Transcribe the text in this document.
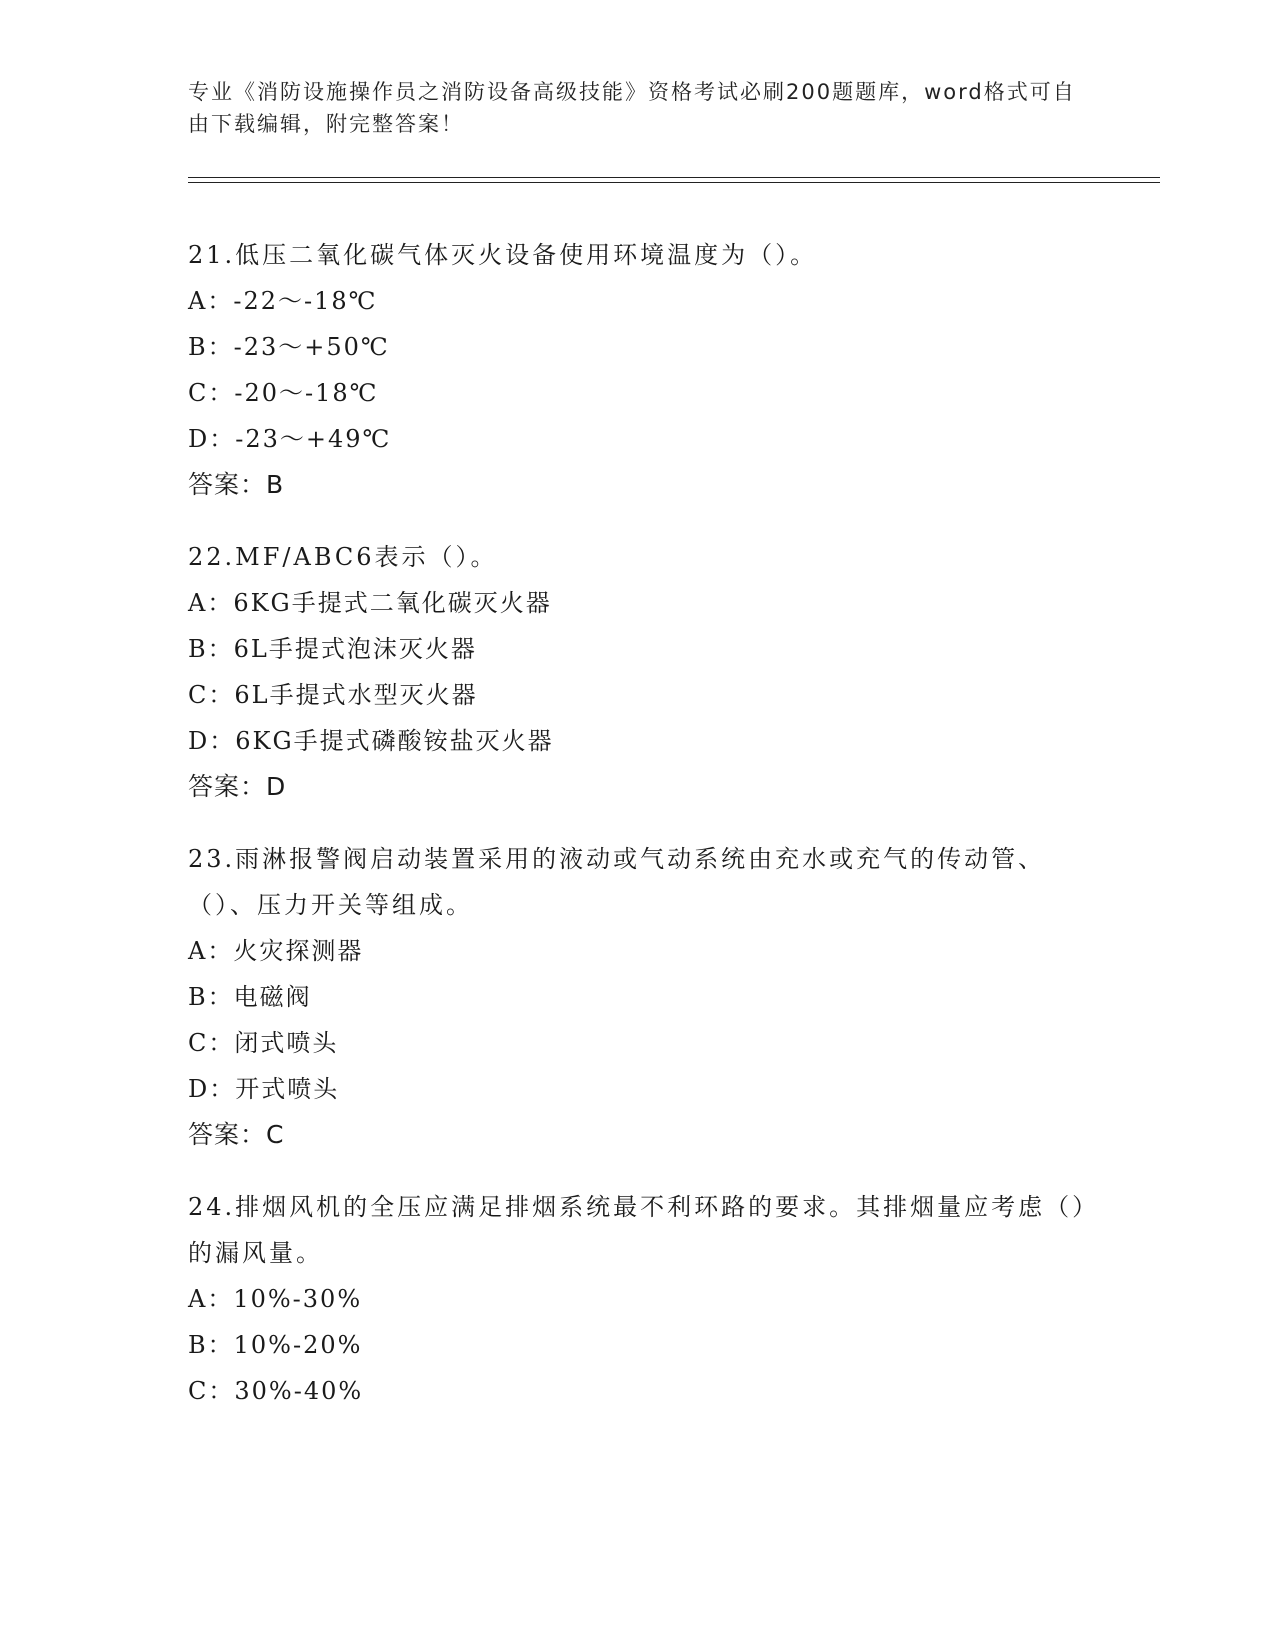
专业《消防设施操作员之消防设备高级技能》资格考试必刷200题题库，word格式可自由下载编辑，附完整答案！

21.低压二氧化碳气体灭火设备使用环境温度为（）。

A：-22～-18℃

B：-23～+50℃

C：-20～-18℃

D：-23～+49℃

答案：B

22.MF/ABC6表示（）。

A：6KG手提式二氧化碳灭火器

B：6L手提式泡沫灭火器

C：6L手提式水型灭火器

D：6KG手提式磷酸铵盐灭火器

答案：D

23.雨淋报警阀启动装置采用的液动或气动系统由充水或充气的传动管、（）、压力开关等组成。

A：火灾探测器

B：电磁阀

C：闭式喷头

D：开式喷头

答案：C

24.排烟风机的全压应满足排烟系统最不利环路的要求。其排烟量应考虑（）的漏风量。

A：10%-30%

B：10%-20%

C：30%-40%
